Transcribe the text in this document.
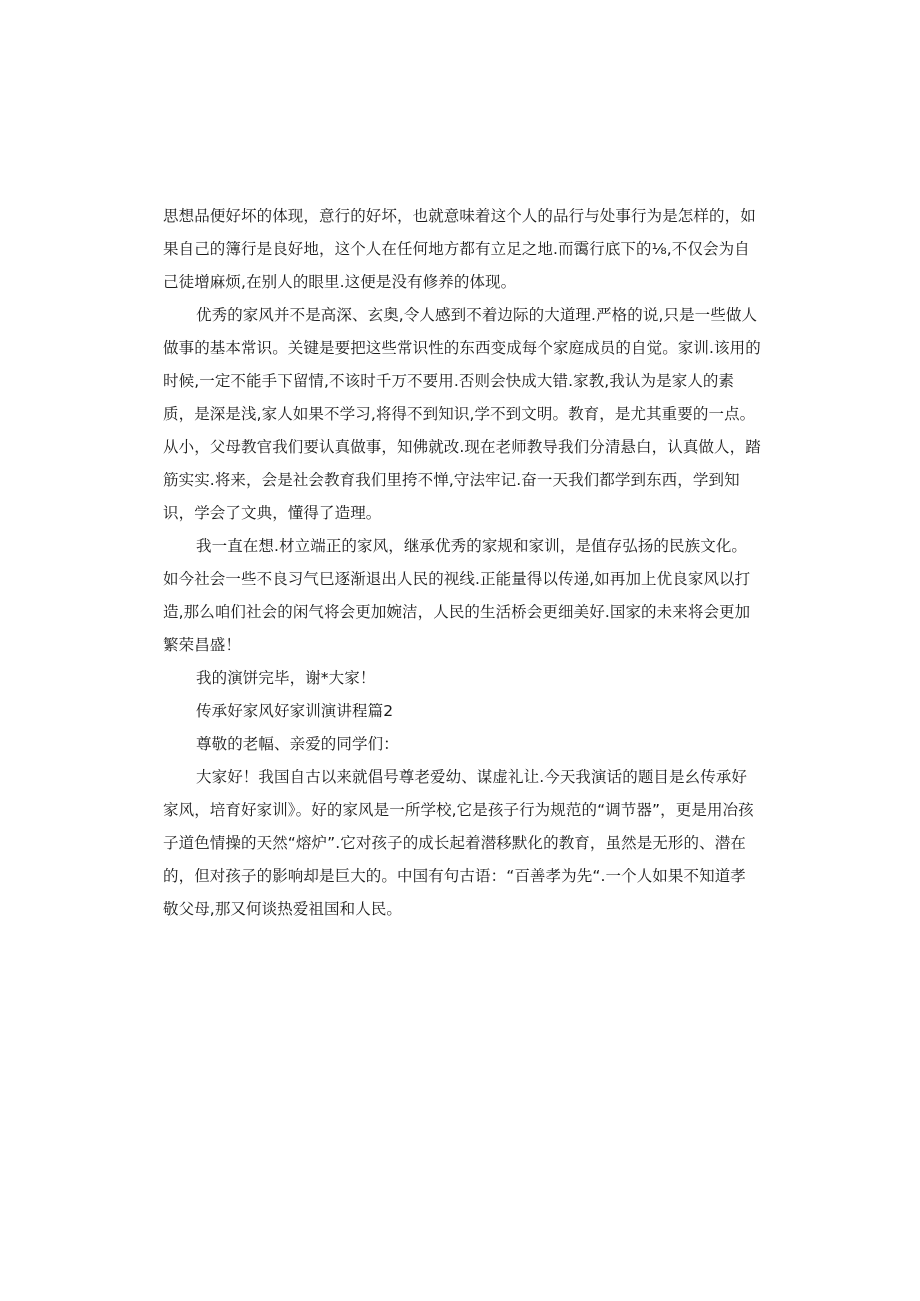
思想品便好坏的体现，意行的好坏，也就意味着这个人的品行与处事行为是怎样的，如果自己的簿行是良好地，这个人在任何地方都有立足之地.而霭行底下的⅛,不仅会为自己徒增麻烦,在别人的眼里.这便是没有修养的体现。

优秀的家风并不是高深、玄奥,令人感到不着边际的大道理.严格的说,只是一些做人做事的基本常识。关键是要把这些常识性的东西变成每个家庭成员的自觉。家训.该用的时候,一定不能手下留情,不该时千万不要用.否则会快成大错.家教,我认为是家人的素质，是深是浅,家人如果不学习,将得不到知识,学不到文明。教育，是尤其重要的一点。从小，父母教官我们要认真做事，知佛就改.现在老师教导我们分清悬白，认真做人，踏筋实实.将来，会是社会教育我们里挎不惮,守法牢记.奋一天我们都学到东西，学到知识，学会了文典，懂得了造理。

我一直在想.材立端正的家风，继承优秀的家规和家训，是值存弘扬的民族文化。如今社会一些不良习气巳逐渐退出人民的视线.正能量得以传递,如再加上优良家风以打造,那么咱们社会的闲气将会更加婉洁，人民的生活桥会更细美好.国家的未来将会更加繁荣昌盛！

我的演饼完毕，谢*大家！

传承好家风好家训演讲程篇2

尊敬的老幅、亲爱的同学们：

大家好！我国自古以来就倡号尊老爱幼、谋虚礼让.今天我演话的题目是幺传承好家风，培育好家训》。好的家风是一所学校,它是孩子行为规范的“调节器”，更是用冶孩子道色情操的天然“熔炉”.它对孩子的成长起着潜移默化的教育，虽然是无形的、潜在的，但对孩子的影响却是巨大的。中国有句古语：“百善孝为先“.一个人如果不知道孝敬父母,那又何谈热爱祖国和人民。
